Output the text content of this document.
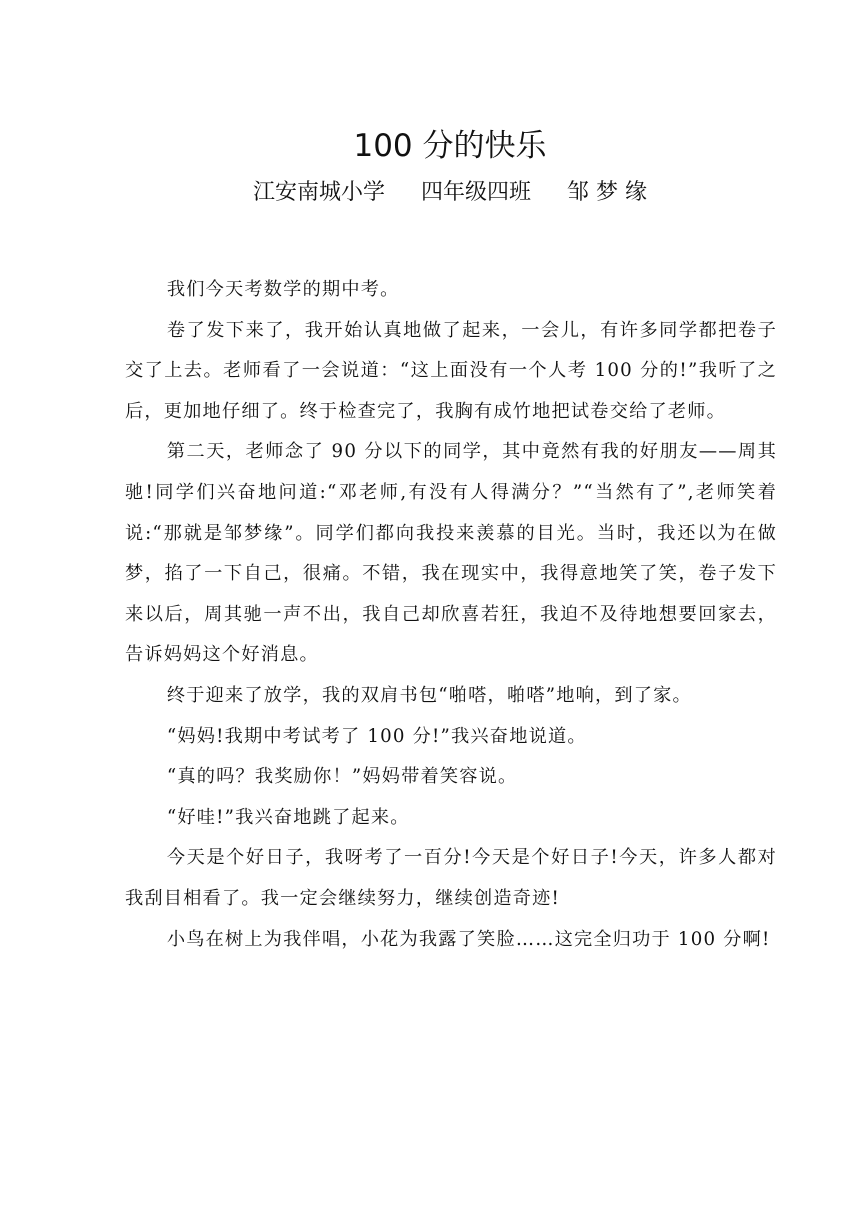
100 分的快乐
江安南城小学 四年级四班 邹 梦 缘

我们今天考数学的期中考。

卷了发下来了，我开始认真地做了起来，一会儿，有许多同学都把卷子交了上去。老师看了一会说道：“这上面没有一个人考 100 分的!”我听了之后，更加地仔细了。终于检查完了，我胸有成竹地把试卷交给了老师。

第二天，老师念了 90 分以下的同学，其中竟然有我的好朋友——周其驰!同学们兴奋地问道:“邓老师,有没有人得满分？”“当然有了”,老师笑着说:“那就是邹梦缘”。同学们都向我投来羡慕的目光。当时，我还以为在做梦，掐了一下自己，很痛。不错，我在现实中，我得意地笑了笑，卷子发下来以后，周其驰一声不出，我自己却欣喜若狂，我迫不及待地想要回家去，告诉妈妈这个好消息。

终于迎来了放学，我的双肩书包“啪嗒，啪嗒”地响，到了家。

“妈妈!我期中考试考了 100 分!”我兴奋地说道。

“真的吗？我奖励你！”妈妈带着笑容说。

“好哇!”我兴奋地跳了起来。

今天是个好日子，我呀考了一百分!今天是个好日子!今天，许多人都对我刮目相看了。我一定会继续努力，继续创造奇迹!

小鸟在树上为我伴唱，小花为我露了笑脸……这完全归功于 100 分啊!
